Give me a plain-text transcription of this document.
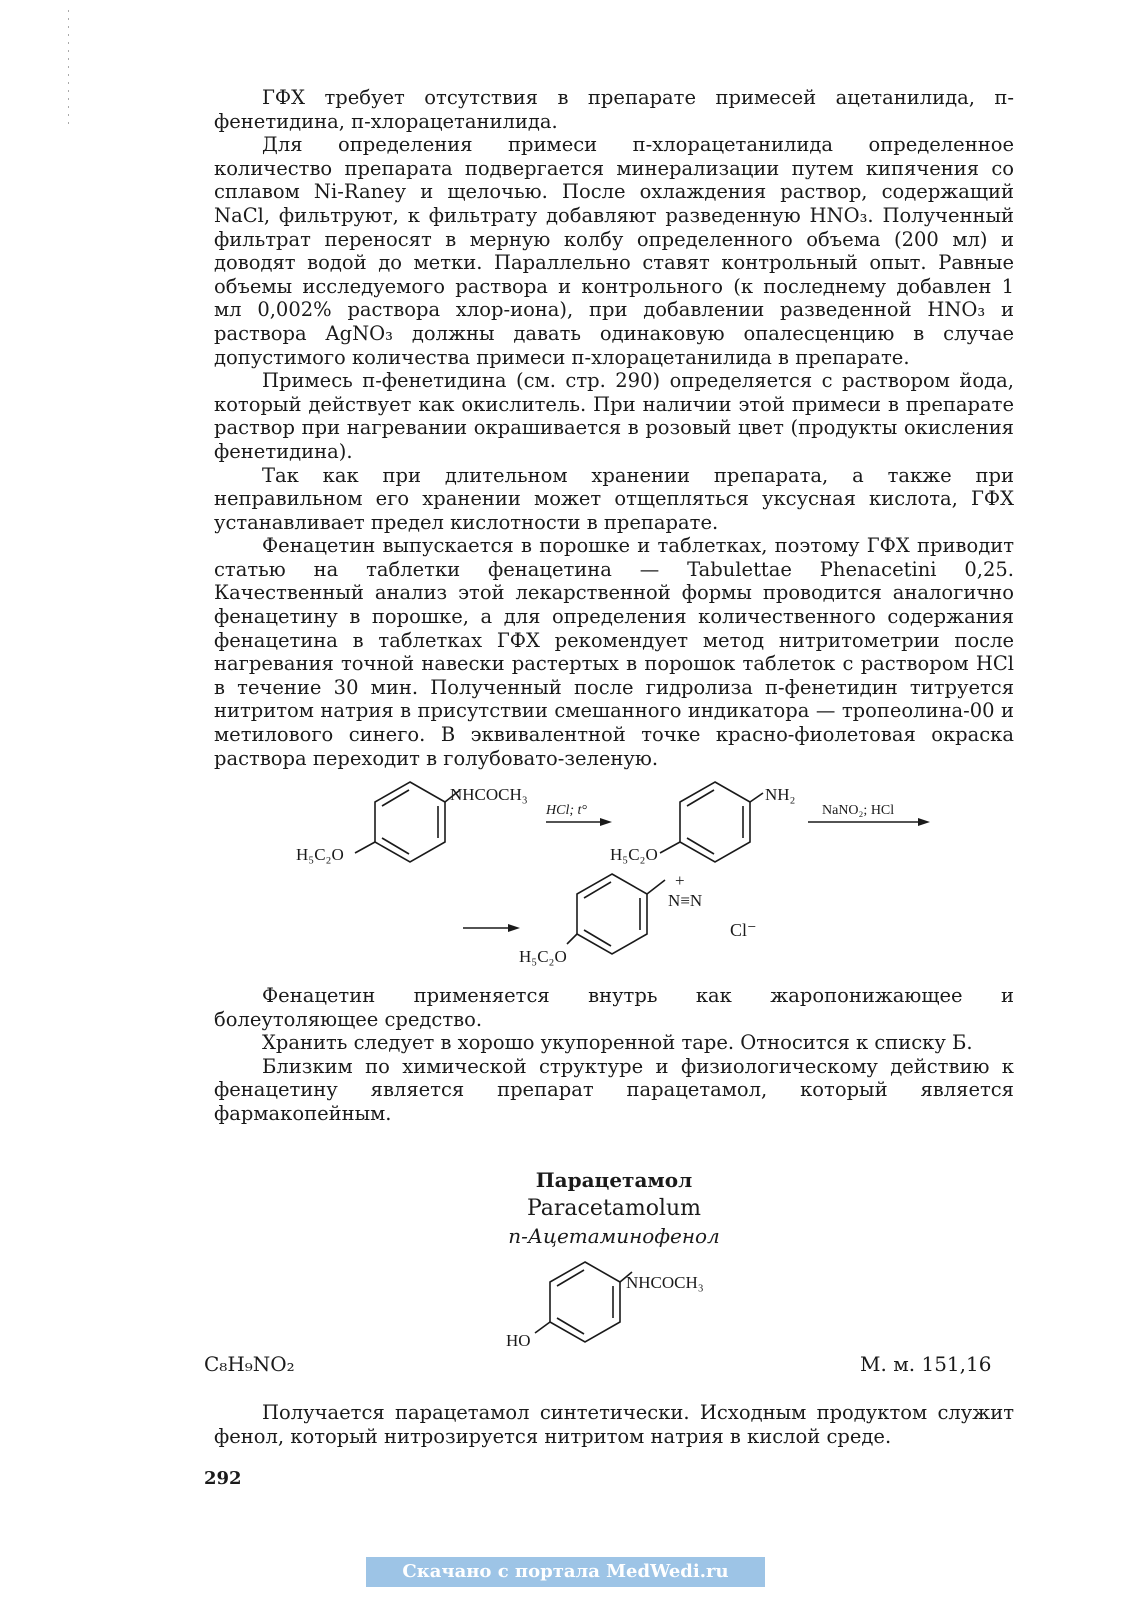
ГФХ требует отсутствия в препарате примесей ацетанилида, п-фенетидина, п-хлорацетанилида.

Для определения примеси п-хлорацетанилида определенное количество препарата подвергается минерализации путем кипячения со сплавом Ni-Ranеу и щелочью. После охлаждения раствор, содержащий NaCl, фильтруют, к фильтрату добавляют разведенную HNO₃. Полученный фильтрат переносят в мерную колбу определенного объема (200 мл) и доводят водой до метки. Параллельно ставят контрольный опыт. Равные объемы исследуемого раствора и контрольного (к последнему добавлен 1 мл 0,002% раствора хлор-иона), при добавлении разведенной HNO₃ и раствора AgNO₃ должны давать одинаковую опалесценцию в случае допустимого количества примеси п-хлорацетанилида в препарате.

Примесь п-фенетидина (см. стр. 290) определяется с раствором йода, который действует как окислитель. При наличии этой примеси в препарате раствор при нагревании окрашивается в розовый цвет (продукты окисления фенетидина).

Так как при длительном хранении препарата, а также при неправильном его хранении может отщепляться уксусная кислота, ГФХ устанавливает предел кислотности в препарате.

Фенацетин выпускается в порошке и таблетках, поэтому ГФХ приводит статью на таблетки фенацетина — Tabulettae Phenacetini 0,25. Качественный анализ этой лекарственной формы проводится аналогично фенацетину в порошке, а для определения количественного содержания фенацетина в таблетках ГФХ рекомендует метод нитритометрии после нагревания точной навески растертых в порошок таблеток с раствором HCl в течение 30 мин. Полученный после гидролиза п-фенетидин титруется нитритом натрия в присутствии смешанного индикатора — тропеолина-00 и метилового синего. В эквивалентной точке красно-фиолетовая окраска раствора переходит в голубовато-зеленую.

NHCOCH₃
H₅C₂O
HCl; t°
NH₂
H₅C₂O
NaNO₂; HCl
+
N≡N
H₅C₂O
Cl⁻
NHCOCH₃
HO

Фенацетин применяется внутрь как жаропонижающее и болеутоляющее средство.

Хранить следует в хорошо укупоренной таре. Относится к списку Б.

Близким по химической структуре и физиологическому действию к фенацетину является препарат парацетамол, который является фармакопейным.

Парацетамол
Paracetamolum
п-Ацетаминофенол
C₈H₉NO₂	М. м. 151,16

Получается парацетамол синтетически. Исходным продуктом служит фенол, который нитрозируется нитритом натрия в кислой среде.

292
Скачано с портала MedWedi.ru
